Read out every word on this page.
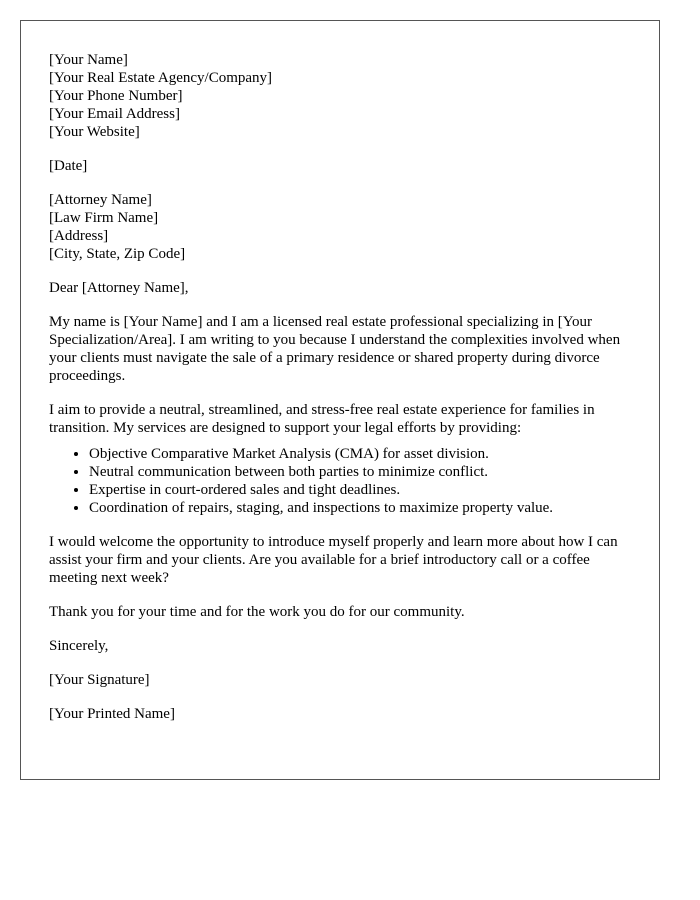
[Your Name]
[Your Real Estate Agency/Company]
[Your Phone Number]
[Your Email Address]
[Your Website]

[Date]

[Attorney Name]
[Law Firm Name]
[Address]
[City, State, Zip Code]

Dear [Attorney Name],

My name is [Your Name] and I am a licensed real estate professional specializing in [Your Specialization/Area]. I am writing to you because I understand the complexities involved when your clients must navigate the sale of a primary residence or shared property during divorce proceedings.

I aim to provide a neutral, streamlined, and stress-free real estate experience for families in transition. My services are designed to support your legal efforts by providing:

• Objective Comparative Market Analysis (CMA) for asset division.
• Neutral communication between both parties to minimize conflict.
• Expertise in court-ordered sales and tight deadlines.
• Coordination of repairs, staging, and inspections to maximize property value.

I would welcome the opportunity to introduce myself properly and learn more about how I can assist your firm and your clients. Are you available for a brief introductory call or a coffee meeting next week?

Thank you for your time and for the work you do for our community.

Sincerely,

[Your Signature]

[Your Printed Name]
